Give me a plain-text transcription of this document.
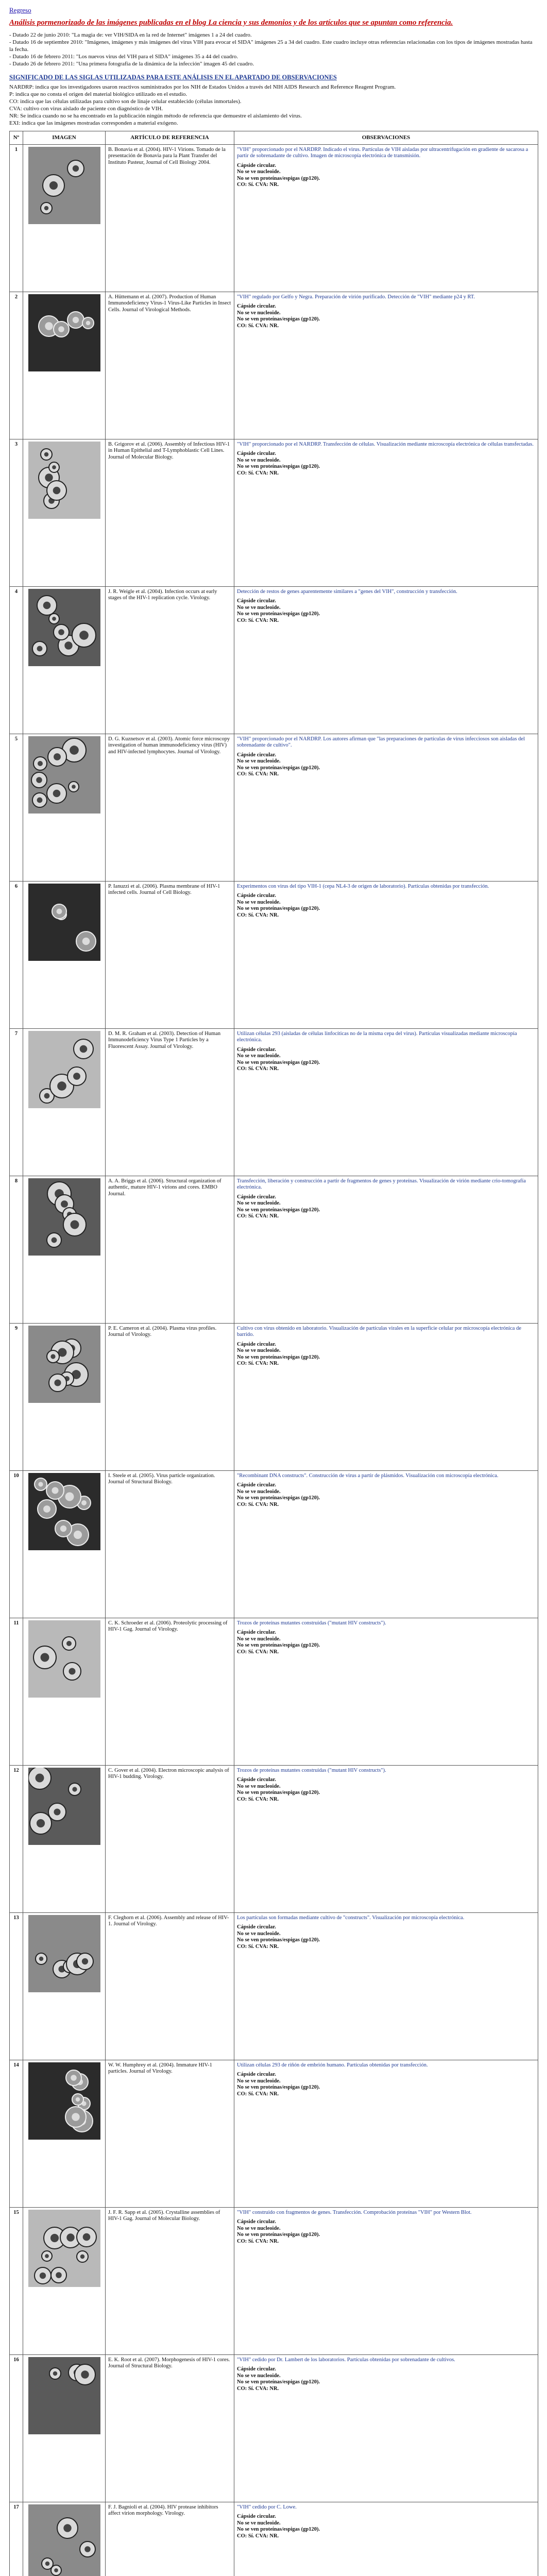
Regreso
Análisis pormenorizado de las imágenes publicadas en el blog La ciencia y sus demonios y de los artículos que se apuntan como referencia.
- Datado 22 de junio 2010: "La magia de: ver VIH/SIDA en la red de Internet" imágenes 1 a 24 del cuadro.
- Datado 16 de septiembre 2010: "Imágenes, imágenes y más imágenes del virus VIH para evocar el SIDA" imágenes 25 a 34 del cuadro. Este cuadro incluye otras referencias relacionadas con los tipos de imágenes mostradas hasta la fecha.
- Datado 16 de febrero 2011: "Los nuevos virus del VIH para el SIDA" imágenes 35 a 44 del cuadro.
- Datado 26 de febrero 2011: "Una primera fotografía de la dinámica de la infección" imagen 45 del cuadro.
SIGNIFICADO DE LAS SIGLAS UTILIZADAS PARA ESTE ANÁLISIS EN EL APARTADO DE OBSERVACIONES

NARDRP: indica que los investigadores usaron reactivos suministrados por los NIH de Estados Unidos a través del NIH AIDS Research and Reference Reagent Program.

P: indica que no consta el origen del material biológico utilizado en el estudio.

CO: indica que las células utilizadas para cultivo son de linaje celular establecido (células inmortales).

CVA: cultivo con virus aislado de paciente con diagnóstico de VIH.

NR: Se indica cuando no se ha encontrado en la publicación ningún método de referencia que demuestre el aislamiento del virus.

EXI: indica que las imágenes mostradas corresponden a material exógeno.

Nº	IMAGEN	ARTÍCULO DE REFERENCIA	OBSERVACIONES
1		B. Bonavia et al. (2004). HIV-1 Virions. Tomado de la presentación de Bonavia para la Plant Transfer del Instituto Pasteur, Journal of Cell Biology 2004.	"VIH" proporcionado por el NARDRP. Indicado el virus. Partículas de VIH aisladas por ultracentrifugación en gradiente de sacarosa a partir de sobrenadante de cultivo. Imagen de microscopía electrónica de transmisión.
Cápside circular.
No se ve nucleoide.
No se ven proteínas/espigas (gp120).
CO: Sí. CVA: NR.

2		A. Hüttemann et al. (2007). Production of Human Immunodeficiency Virus-1 Virus-Like Particles in Insect Cells. Journal of Virological Methods.	"VIH" regulado por Gelfo y Negra. Preparación de virión purificado. Detección de "VIH" mediante p24 y RT.
Cápside circular.
No se ve nucleoide.
No se ven proteínas/espigas (gp120).
CO: Sí. CVA: NR.

3		B. Grigorov et al. (2006). Assembly of Infectious HIV-1 in Human Epithelial and T-Lymphoblastic Cell Lines. Journal of Molecular Biology.	"VIH" proporcionado por el NARDRP. Transfección de células. Visualización mediante microscopía electrónica de células transfectadas.
Cápside circular.
No se ve nucleoide.
No se ven proteínas/espigas (gp120).
CO: Sí. CVA: NR.

4		J. R. Weigle et al. (2004). Infection occurs at early stages of the HIV-1 replication cycle. Virology.	Detección de restos de genes aparentemente similares a "genes del VIH", construcción y transfección.
Cápside circular.
No se ve nucleoide.
No se ven proteínas/espigas (gp120).
CO: Sí. CVA: NR.

5		D. G. Kuznetsov et al. (2003). Atomic force microscopy investigation of human immunodeficiency virus (HIV) and HIV-infected lymphocytes. Journal of Virology.	"VIH" proporcionado por el NARDRP. Los autores afirman que "las preparaciones de partículas de virus infecciosos son aisladas del sobrenadante de cultivo".
Cápside circular.
No se ve nucleoide.
No se ven proteínas/espigas (gp120).
CO: Sí. CVA: NR.

6		P. Ianuzzi et al. (2006). Plasma membrane of HIV-1 infected cells. Journal of Cell Biology.	Experimentos con virus del tipo VIH-1 (cepa NL4-3 de origen de laboratorio). Partículas obtenidas por transfección.
Cápside circular.
No se ve nucleoide.
No se ven proteínas/espigas (gp120).
CO: Sí. CVA: NR.

7		D. M. R. Graham et al. (2003). Detection of Human Immunodeficiency Virus Type 1 Particles by a Fluorescent Assay. Journal of Virology.	Utilizan células 293 (aisladas de células linfocíticas no de la misma cepa del virus). Partículas visualizadas mediante microscopía electrónica.
Cápside circular.
No se ve nucleoide.
No se ven proteínas/espigas (gp120).
CO: Sí. CVA: NR.

8		A. A. Briggs et al. (2006). Structural organization of authentic, mature HIV-1 virions and cores. EMBO Journal.	Transfección, liberación y construcción a partir de fragmentos de genes y proteínas. Visualización de virión mediante crio-tomografía electrónica.
Cápside circular.
No se ve nucleoide.
No se ven proteínas/espigas (gp120).
CO: Sí. CVA: NR.

9		P. E. Cameron et al. (2004). Plasma virus profiles. Journal of Virology.	Cultivo con virus obtenido en laboratorio. Visualización de partículas virales en la superficie celular por microscopía electrónica de barrido.
Cápside circular.
No se ve nucleoide.
No se ven proteínas/espigas (gp120).
CO: Sí. CVA: NR.

10		I. Steele et al. (2005). Virus particle organization. Journal of Structural Biology.	"Recombinant DNA constructs". Construcción de virus a partir de plásmidos. Visualización con microscopía electrónica.
Cápside circular.
No se ve nucleoide.
No se ven proteínas/espigas (gp120).
CO: Sí. CVA: NR.

11		C. K. Schroeder et al. (2006). Proteolytic processing of HIV-1 Gag. Journal of Virology.	Trozos de proteínas mutantes construidas ("mutant HIV constructs").
Cápside circular.
No se ve nucleoide.
No se ven proteínas/espigas (gp120).
CO: Sí. CVA: NR.

12		C. Gover et al. (2004). Electron microscopic analysis of HIV-1 budding. Virology.	Trozos de proteínas mutantes construidas ("mutant HIV constructs").
Cápside circular.
No se ve nucleoide.
No se ven proteínas/espigas (gp120).
CO: Sí. CVA: NR.

13		F. Cleghorn et al. (2006). Assembly and release of HIV-1. Journal of Virology.	Los partículas son formadas mediante cultivo de "constructs". Visualización por microscopía electrónica.
Cápside circular.
No se ve nucleoide.
No se ven proteínas/espigas (gp120).
CO: Sí. CVA: NR.

14		W. W. Humphrey et al. (2004). Immature HIV-1 particles. Journal of Virology.	Utilizan células 293 de riñón de embrión humano. Partículas obtenidas por transfección.
Cápside circular.
No se ve nucleoide.
No se ven proteínas/espigas (gp120).
CO: Sí. CVA: NR.

15		J. F. R. Sapp et al. (2005). Crystalline assemblies of HIV-1 Gag. Journal of Molecular Biology.	"VIH" construido con fragmentos de genes. Transfección. Comprobación proteínas "VIH" por Western Blot.
Cápside circular.
No se ve nucleoide.
No se ven proteínas/espigas (gp120).
CO: Sí. CVA: NR.

16		E. K. Root et al. (2007). Morphogenesis of HIV-1 cores. Journal of Structural Biology.	"VIH" cedido por Dr. Lambert de los laboratorios. Partículas obtenidas por sobrenadante de cultivos.
Cápside circular.
No se ve nucleoide.
No se ven proteínas/espigas (gp120).
CO: Sí. CVA: NR.

17		F. J. Bagnioli et al. (2004). HIV protease inhibitors affect virion morphology. Virology.	"VIH" cedido por C. Lowe.
Cápside circular.
No se ve nucleoide.
No se ven proteínas/espigas (gp120).
CO: Sí. CVA: NR.
